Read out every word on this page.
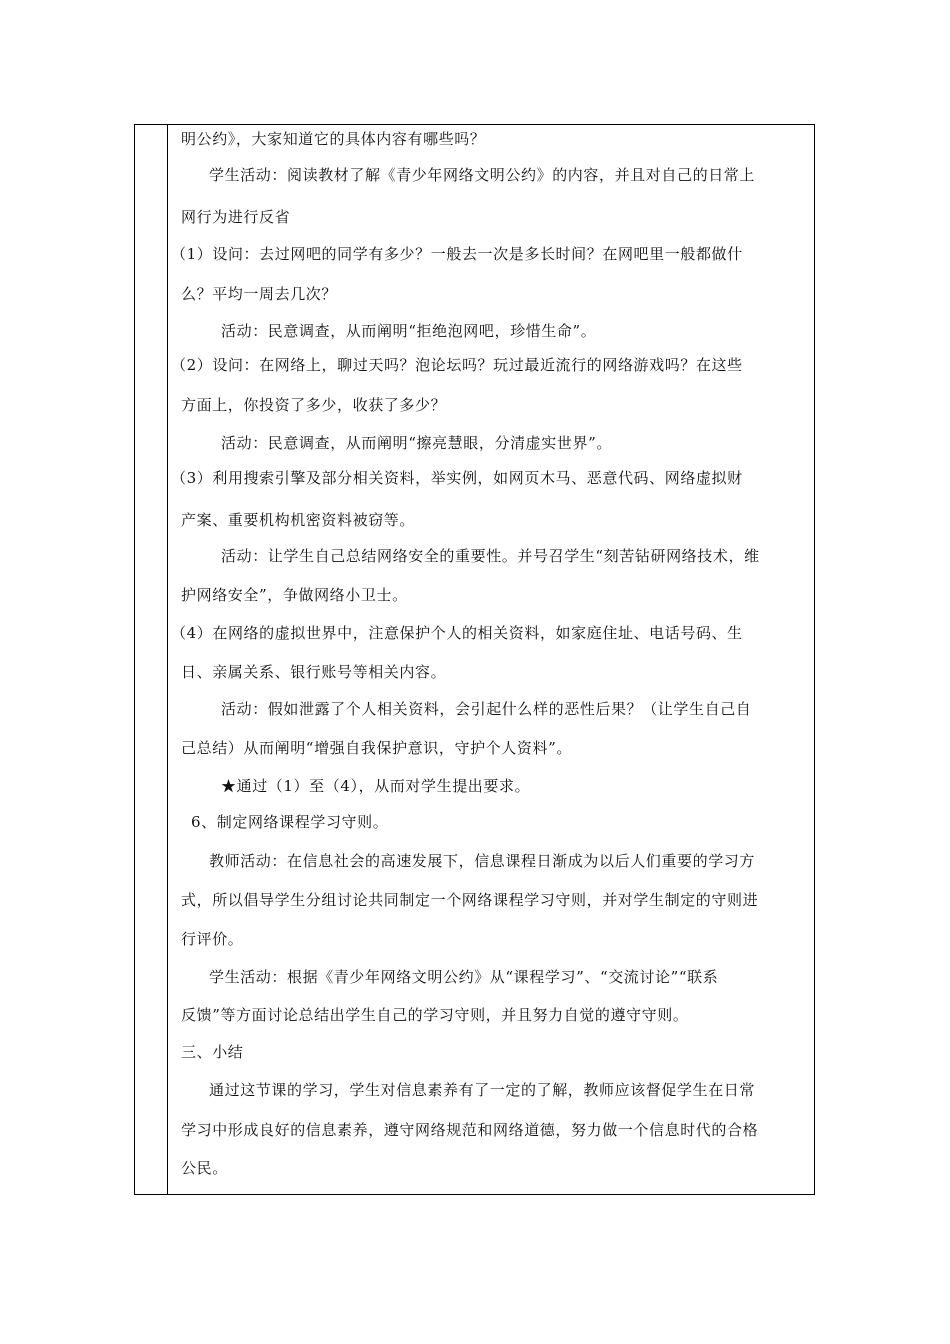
明公约》，大家知道它的具体内容有哪些吗？
学生活动：阅读教材了解《青少年网络文明公约》的内容，并且对自己的日常上
网行为进行反省
（1）设问：去过网吧的同学有多少？一般去一次是多长时间？在网吧里一般都做什
么？平均一周去几次？
活动：民意调查，从而阐明“拒绝泡网吧，珍惜生命”。
（2）设问：在网络上，聊过天吗？泡论坛吗？玩过最近流行的网络游戏吗？在这些
方面上，你投资了多少，收获了多少？
活动：民意调查，从而阐明“擦亮慧眼，分清虚实世界”。
（3）利用搜索引擎及部分相关资料，举实例，如网页木马、恶意代码、网络虚拟财
产案、重要机构机密资料被窃等。
活动：让学生自己总结网络安全的重要性。并号召学生“刻苦钻研网络技术，维
护网络安全”，争做网络小卫士。
（4）在网络的虚拟世界中，注意保护个人的相关资料，如家庭住址、电话号码、生
日、亲属关系、银行账号等相关内容。
活动：假如泄露了个人相关资料，会引起什么样的恶性后果？（让学生自己自
己总结）从而阐明“增强自我保护意识，守护个人资料”。
★通过（1）至（4），从而对学生提出要求。
6、制定网络课程学习守则。
教师活动：在信息社会的高速发展下，信息课程日渐成为以后人们重要的学习方
式，所以倡导学生分组讨论共同制定一个网络课程学习守则，并对学生制定的守则进
行评价。
学生活动：根据《青少年网络文明公约》从“课程学习”、“交流讨论”“联系
反馈”等方面讨论总结出学生自己的学习守则，并且努力自觉的遵守守则。
三、小结
通过这节课的学习，学生对信息素养有了一定的了解，教师应该督促学生在日常
学习中形成良好的信息素养，遵守网络规范和网络道德，努力做一个信息时代的合格
公民。
